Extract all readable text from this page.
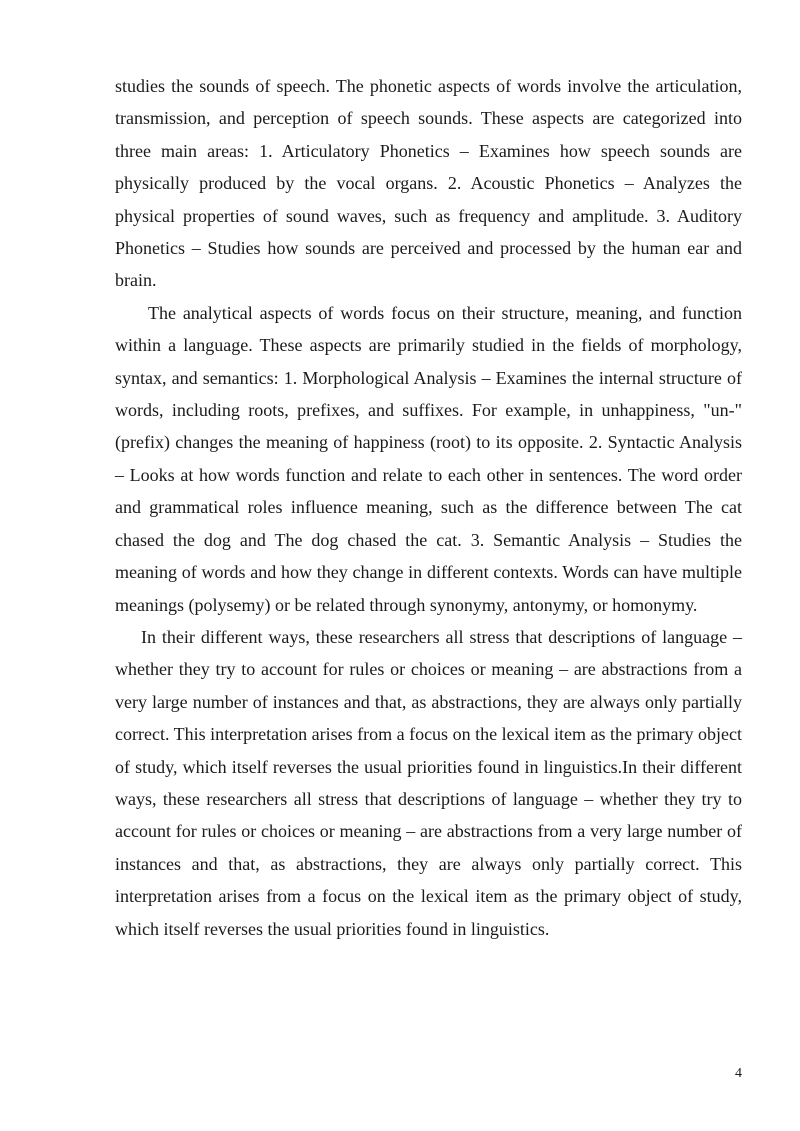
studies the sounds of speech. The phonetic aspects of words involve the articulation, transmission, and perception of speech sounds. These aspects are categorized into three main areas: 1. Articulatory Phonetics – Examines how speech sounds are physically produced by the vocal organs. 2. Acoustic Phonetics – Analyzes the physical properties of sound waves, such as frequency and amplitude. 3. Auditory Phonetics – Studies how sounds are perceived and processed by the human ear and brain.

The analytical aspects of words focus on their structure, meaning, and function within a language. These aspects are primarily studied in the fields of morphology, syntax, and semantics: 1. Morphological Analysis – Examines the internal structure of words, including roots, prefixes, and suffixes. For example, in unhappiness, "un-" (prefix) changes the meaning of happiness (root) to its opposite. 2. Syntactic Analysis – Looks at how words function and relate to each other in sentences. The word order and grammatical roles influence meaning, such as the difference between The cat chased the dog and The dog chased the cat. 3. Semantic Analysis – Studies the meaning of words and how they change in different contexts. Words can have multiple meanings (polysemy) or be related through synonymy, antonymy, or homonymy.

In their different ways, these researchers all stress that descriptions of language – whether they try to account for rules or choices or meaning – are abstractions from a very large number of instances and that, as abstractions, they are always only partially correct. This interpretation arises from a focus on the lexical item as the primary object of study, which itself reverses the usual priorities found in linguistics.In their different ways, these researchers all stress that descriptions of language – whether they try to account for rules or choices or meaning – are abstractions from a very large number of instances and that, as abstractions, they are always only partially correct. This interpretation arises from a focus on the lexical item as the primary object of study, which itself reverses the usual priorities found in linguistics.

4
